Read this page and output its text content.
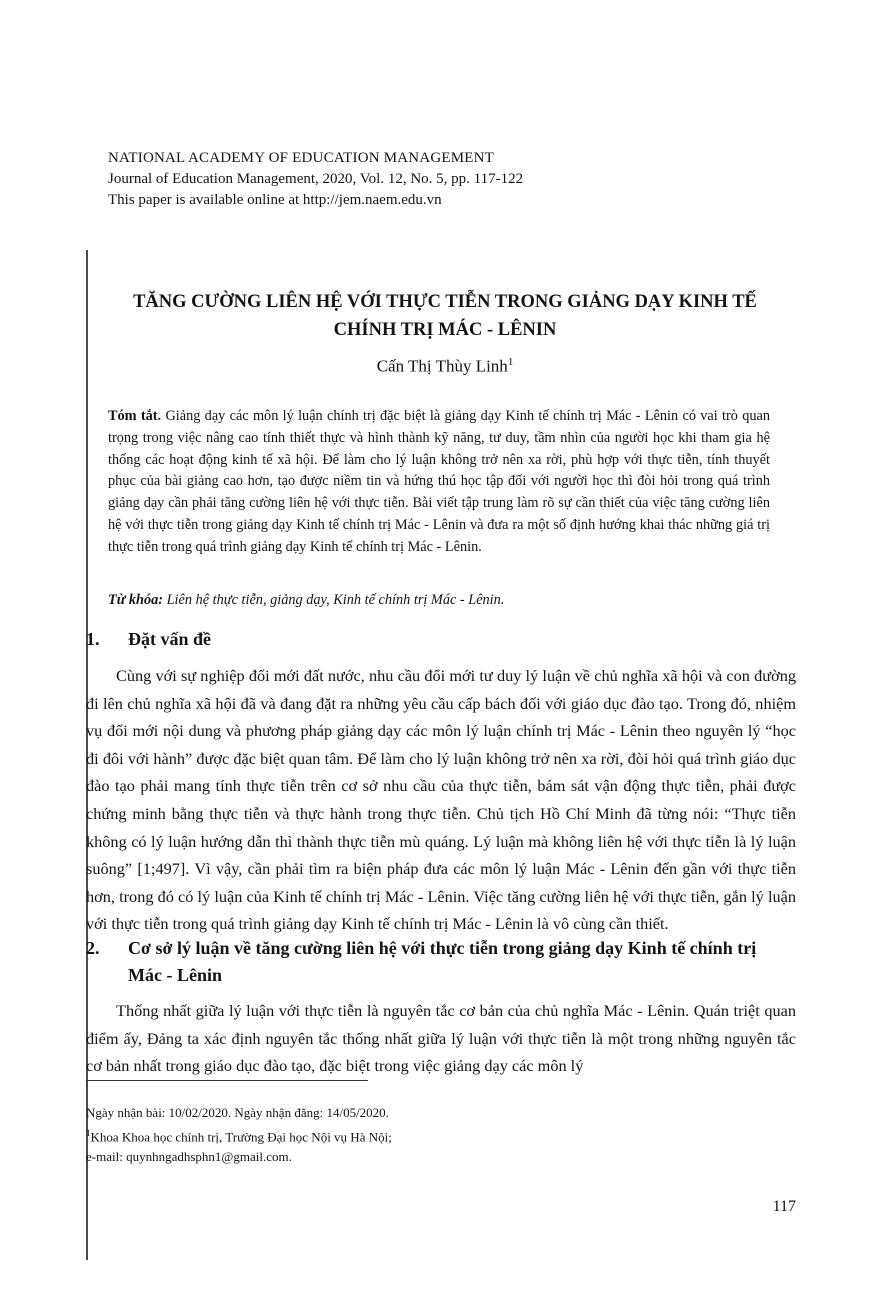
NATIONAL ACADEMY OF EDUCATION MANAGEMENT
Journal of Education Management, 2020, Vol. 12, No. 5, pp. 117-122
This paper is available online at http://jem.naem.edu.vn
TĂNG CƯỜNG LIÊN HỆ VỚI THỰC TIỄN TRONG GIẢNG DẠY KINH TẾ
CHÍNH TRỊ MÁC - LÊNIN
Cấn Thị Thùy Linh$^1$
Tóm tắt. Giảng dạy các môn lý luận chính trị đặc biệt là giảng dạy Kinh tế chính trị Mác - Lênin có vai trò quan trọng trong việc nâng cao tính thiết thực và hình thành kỹ năng, tư duy, tầm nhìn của người học khi tham gia hệ thống các hoạt động kinh tế xã hội. Để làm cho lý luận không trở nên xa rời, phù hợp với thực tiễn, tính thuyết phục của bài giảng cao hơn, tạo được niềm tin và hứng thú học tập đối với người học thì đòi hỏi trong quá trình giảng dạy cần phải tăng cường liên hệ với thực tiễn. Bài viết tập trung làm rõ sự cần thiết của việc tăng cường liên hệ với thực tiễn trong giảng dạy Kinh tế chính trị Mác - Lênin và đưa ra một số định hướng khai thác những giá trị thực tiễn trong quá trình giảng dạy Kinh tế chính trị Mác - Lênin.
Từ khóa: Liên hệ thực tiễn, giảng dạy, Kinh tế chính trị Mác - Lênin.
1. Đặt vấn đề
Cùng với sự nghiệp đổi mới đất nước, nhu cầu đổi mới tư duy lý luận về chủ nghĩa xã hội và con đường đi lên chủ nghĩa xã hội đã và đang đặt ra những yêu cầu cấp bách đối với giáo dục đào tạo. Trong đó, nhiệm vụ đổi mới nội dung và phương pháp giảng dạy các môn lý luận chính trị Mác - Lênin theo nguyên lý “học đi đôi với hành” được đặc biệt quan tâm. Để làm cho lý luận không trở nên xa rời, đòi hỏi quá trình giáo dục đào tạo phải mang tính thực tiễn trên cơ sở nhu cầu của thực tiễn, bám sát vận động thực tiễn, phải được chứng minh bằng thực tiễn và thực hành trong thực tiễn. Chủ tịch Hồ Chí Minh đã từng nói: “Thực tiễn không có lý luận hướng dẫn thì thành thực tiễn mù quáng. Lý luận mà không liên hệ với thực tiễn là lý luận suông” [1;497]. Vì vậy, cần phải tìm ra biện pháp đưa các môn lý luận Mác - Lênin đến gần với thực tiễn hơn, trong đó có lý luận của Kinh tế chính trị Mác - Lênin. Việc tăng cường liên hệ với thực tiễn, gắn lý luận với thực tiễn trong quá trình giảng dạy Kinh tế chính trị Mác - Lênin là vô cùng cần thiết.
2. Cơ sở lý luận về tăng cường liên hệ với thực tiễn trong giảng dạy Kinh tế chính trị Mác - Lênin
Thống nhất giữa lý luận với thực tiễn là nguyên tắc cơ bản của chủ nghĩa Mác - Lênin. Quán triệt quan điểm ấy, Đảng ta xác định nguyên tắc thống nhất giữa lý luận với thực tiễn là một trong những nguyên tắc cơ bản nhất trong giáo dục đào tạo, đặc biệt trong việc giảng dạy các môn lý
Ngày nhận bài: 10/02/2020. Ngày nhận đăng: 14/05/2020.
$^1$Khoa Khoa học chính trị, Trường Đại học Nội vụ Hà Nội;
e-mail: quynhngadhsphn1@gmail.com.
117
